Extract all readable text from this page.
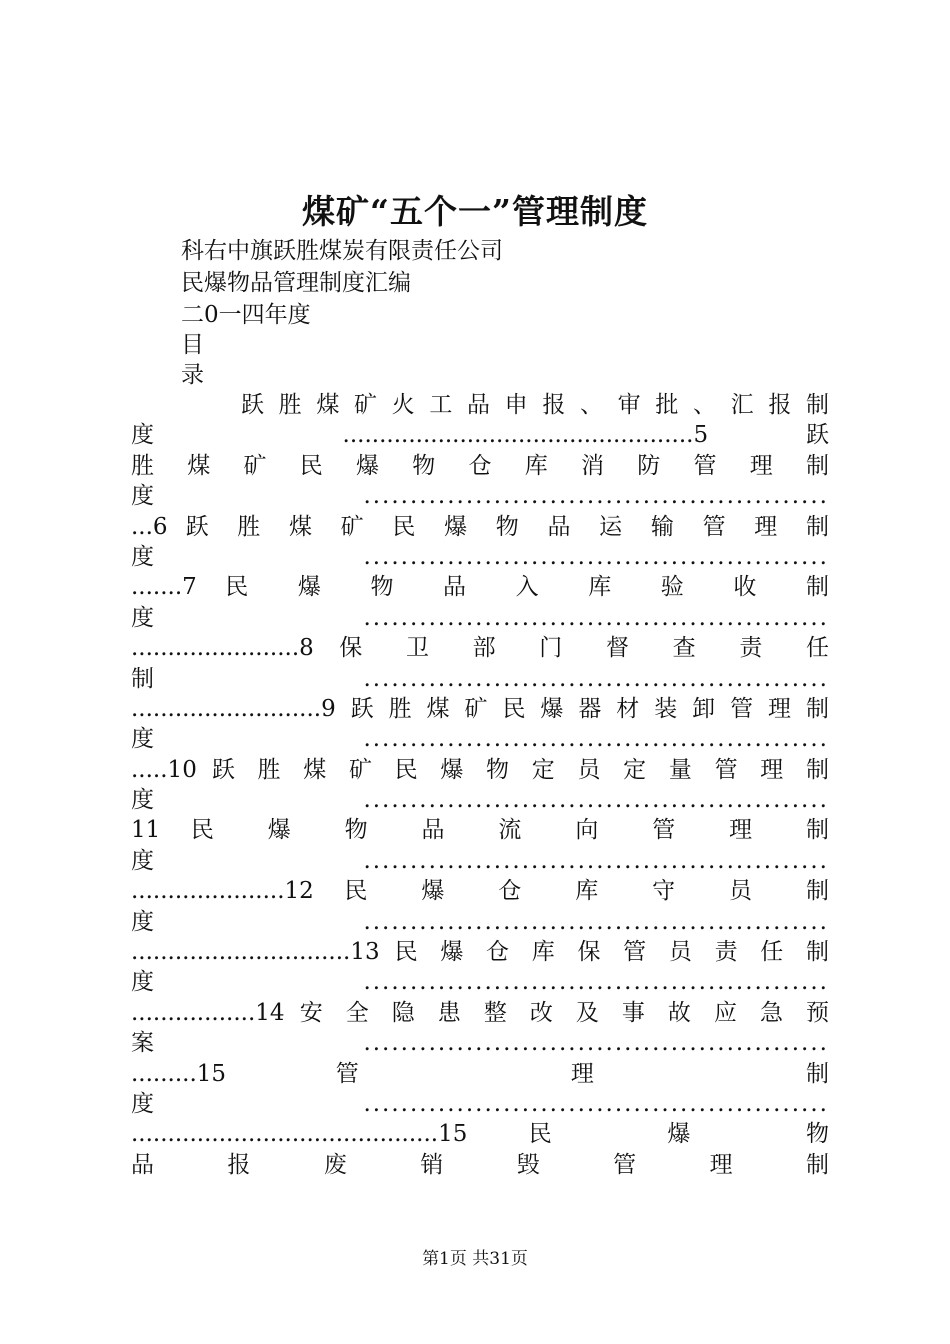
煤矿“五个一”管理制度
科右中旗跃胜煤炭有限责任公司
民爆物品管理制度汇编
二0一四年度
目
录
跃 胜 煤 矿 火 工 品 申 报 、 审 批 、 汇 报 制
度 ................................................5 跃
胜 煤 矿 民 爆 物 仓 库 消 防 管 理 制
度..................................................
...6 跃 胜 煤 矿 民 爆 物 品 运 输 管 理 制
度..................................................
.......7 民 爆 物 品 入 库 验 收 制
度..................................................
.......................8 保 卫 部 门 督 查 责 任
制..................................................
..........................9跃胜煤矿民爆器材装卸管理制
度..................................................
.....10 跃 胜 煤 矿 民 爆 物 定 员 定 量 管 理 制
度..................................................
11 民 爆 物 品 流 向 管 理 制
度..................................................
.....................12 民 爆 仓 库 守 员 制
度..................................................
..............................13 民 爆 仓 库 保 管 员 责 任 制
度..................................................
.................14 安 全 隐 患 整 改 及 事 故 应 急 预
案..................................................
.........15 管 理 制
度..................................................
..........................................15 民 爆 物
品 报 废 销 毁 管 理 制
第1页 共31页
